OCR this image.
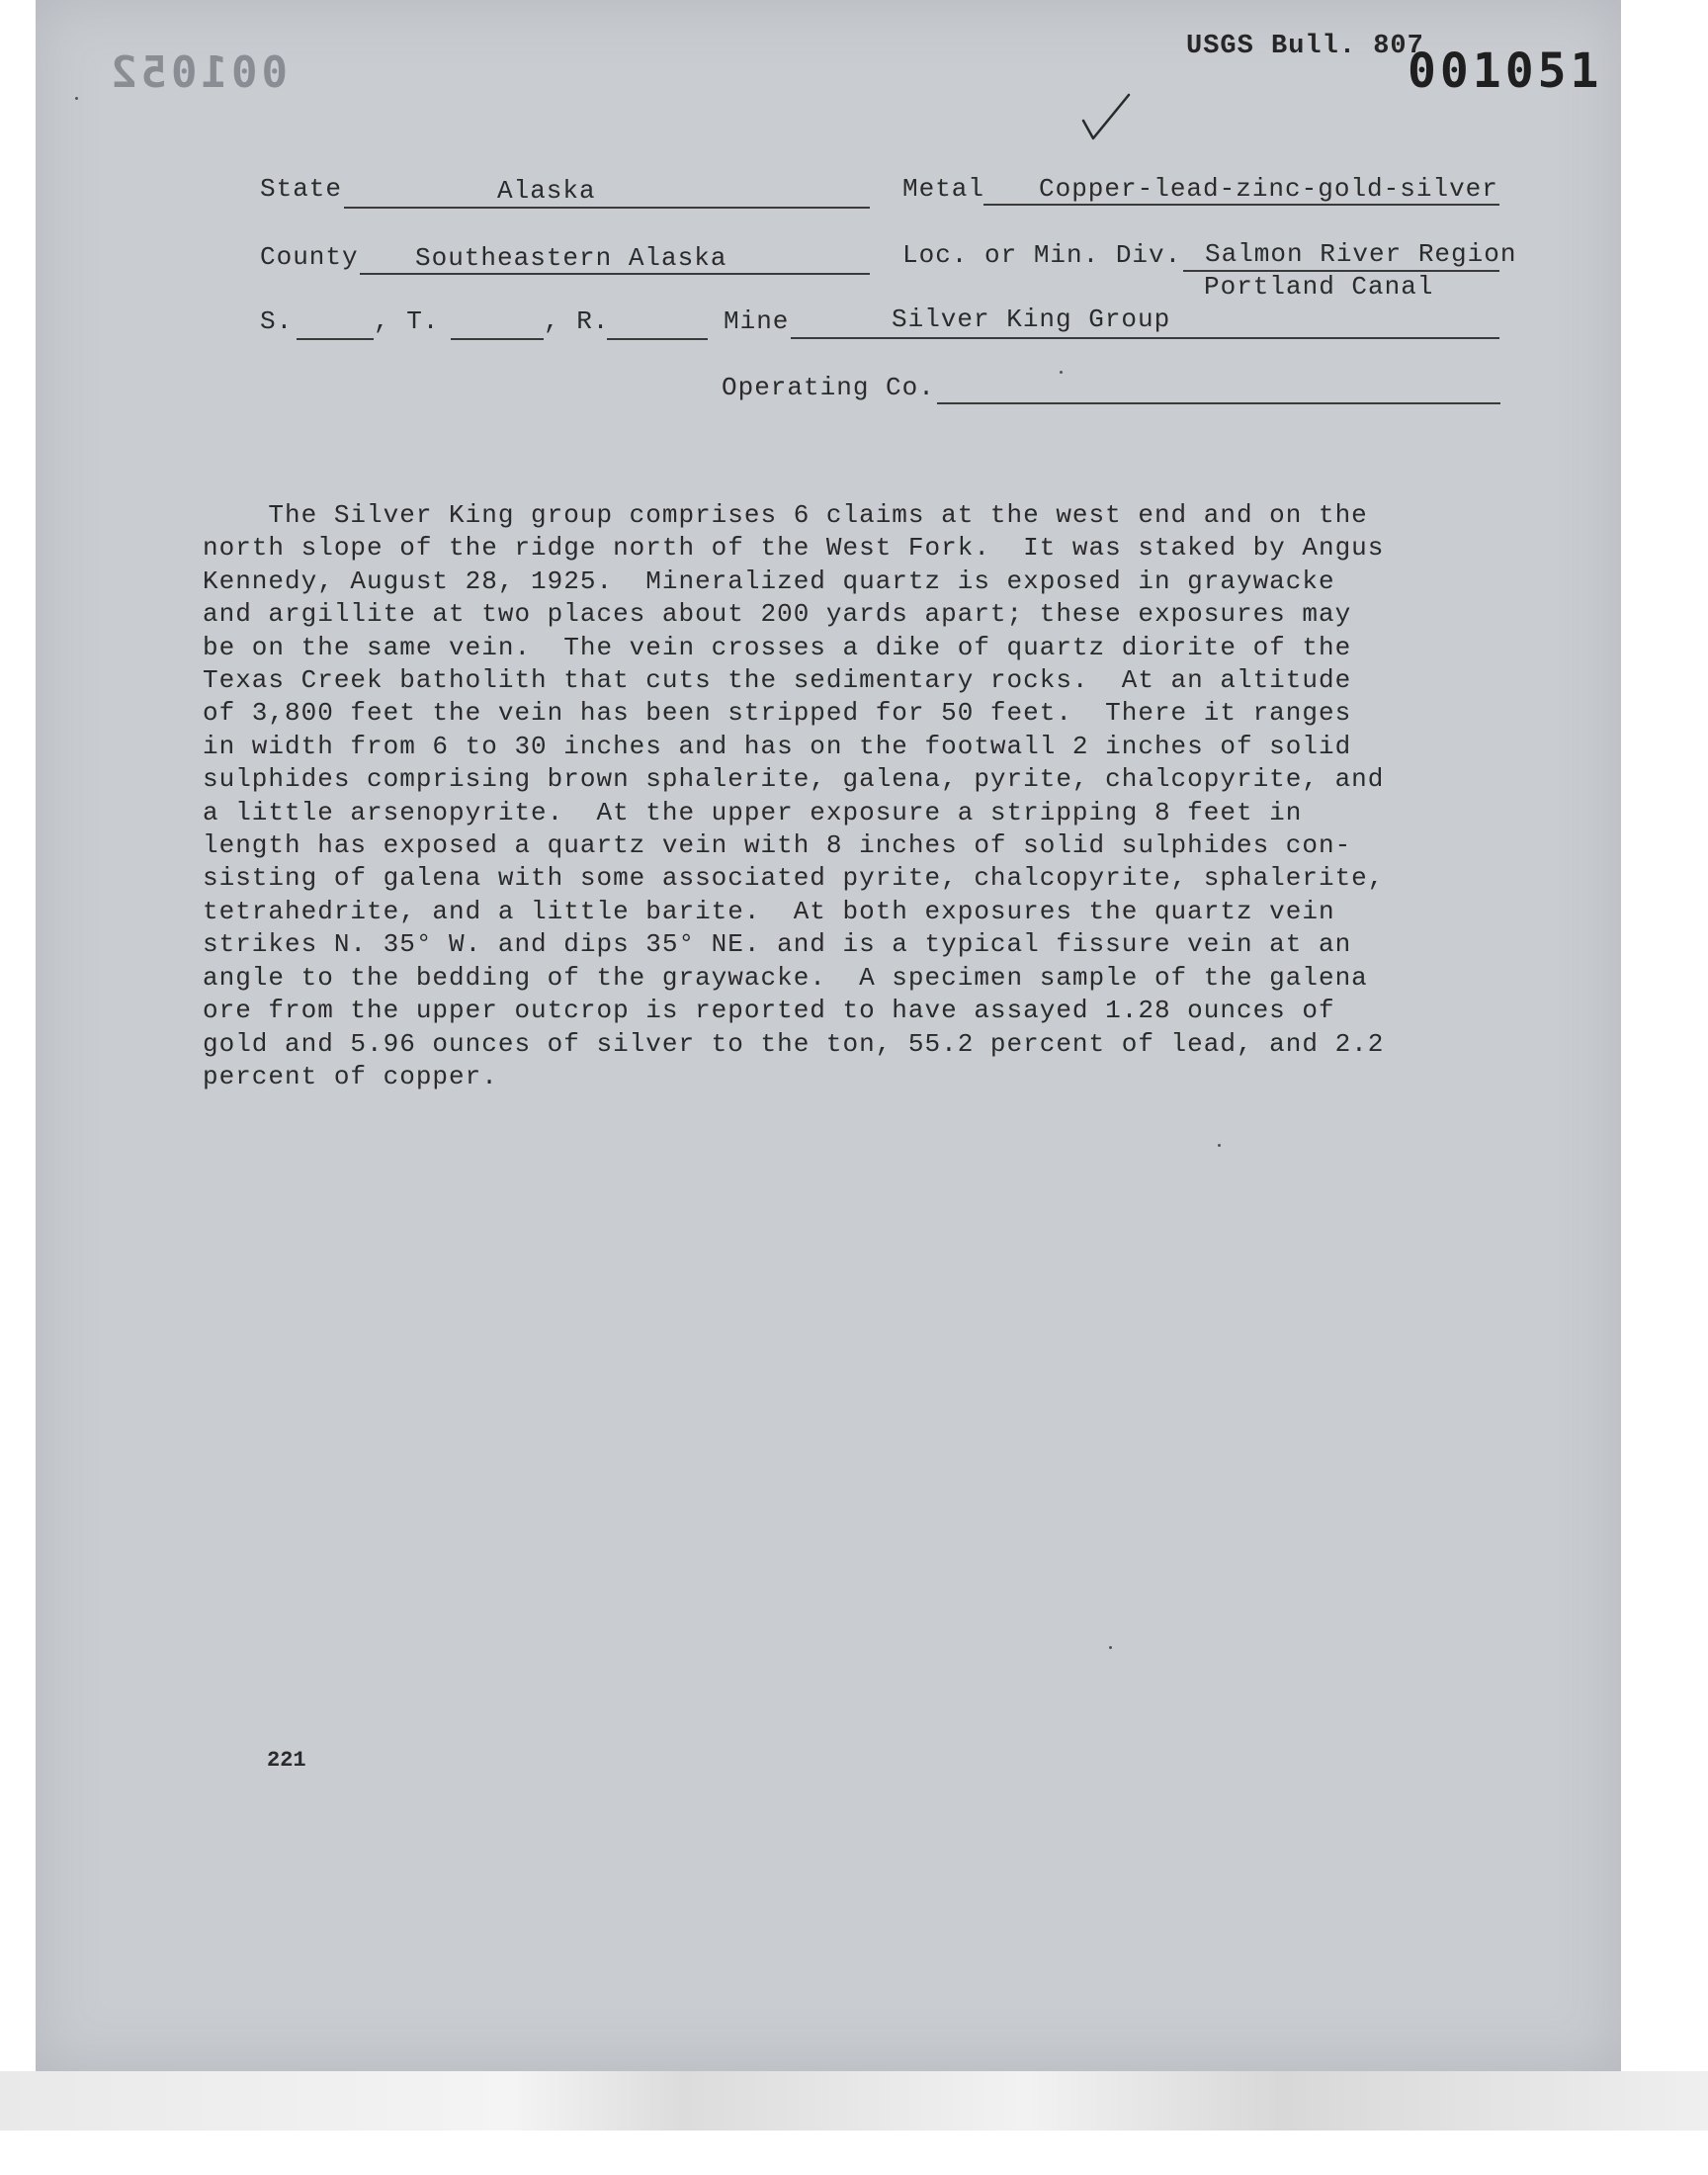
001052
USGS Bull. 807
001051
State	Alaska	Metal Copper-lead-zinc-gold-silver
County Southeastern Alaska	Loc. or Min. Div. Salmon River Region
Portland Canal
S.	, T.	, R.	Mine	Silver King Group
Operating Co.
The Silver King group comprises 6 claims at the west end and on the
north slope of the ridge north of the West Fork.  It was staked by Angus
Kennedy, August 28, 1925.  Mineralized quartz is exposed in graywacke
and argillite at two places about 200 yards apart; these exposures may
be on the same vein.  The vein crosses a dike of quartz diorite of the
Texas Creek batholith that cuts the sedimentary rocks.  At an altitude
of 3,800 feet the vein has been stripped for 50 feet.  There it ranges
in width from 6 to 30 inches and has on the footwall 2 inches of solid
sulphides comprising brown sphalerite, galena, pyrite, chalcopyrite, and
a little arsenopyrite.  At the upper exposure a stripping 8 feet in
length has exposed a quartz vein with 8 inches of solid sulphides con-
sisting of galena with some associated pyrite, chalcopyrite, sphalerite,
tetrahedrite, and a little barite.  At both exposures the quartz vein
strikes N. 35° W. and dips 35° NE. and is a typical fissure vein at an
angle to the bedding of the graywacke.  A specimen sample of the galena
ore from the upper outcrop is reported to have assayed 1.28 ounces of
gold and 5.96 ounces of silver to the ton, 55.2 percent of lead, and 2.2
percent of copper.
221
